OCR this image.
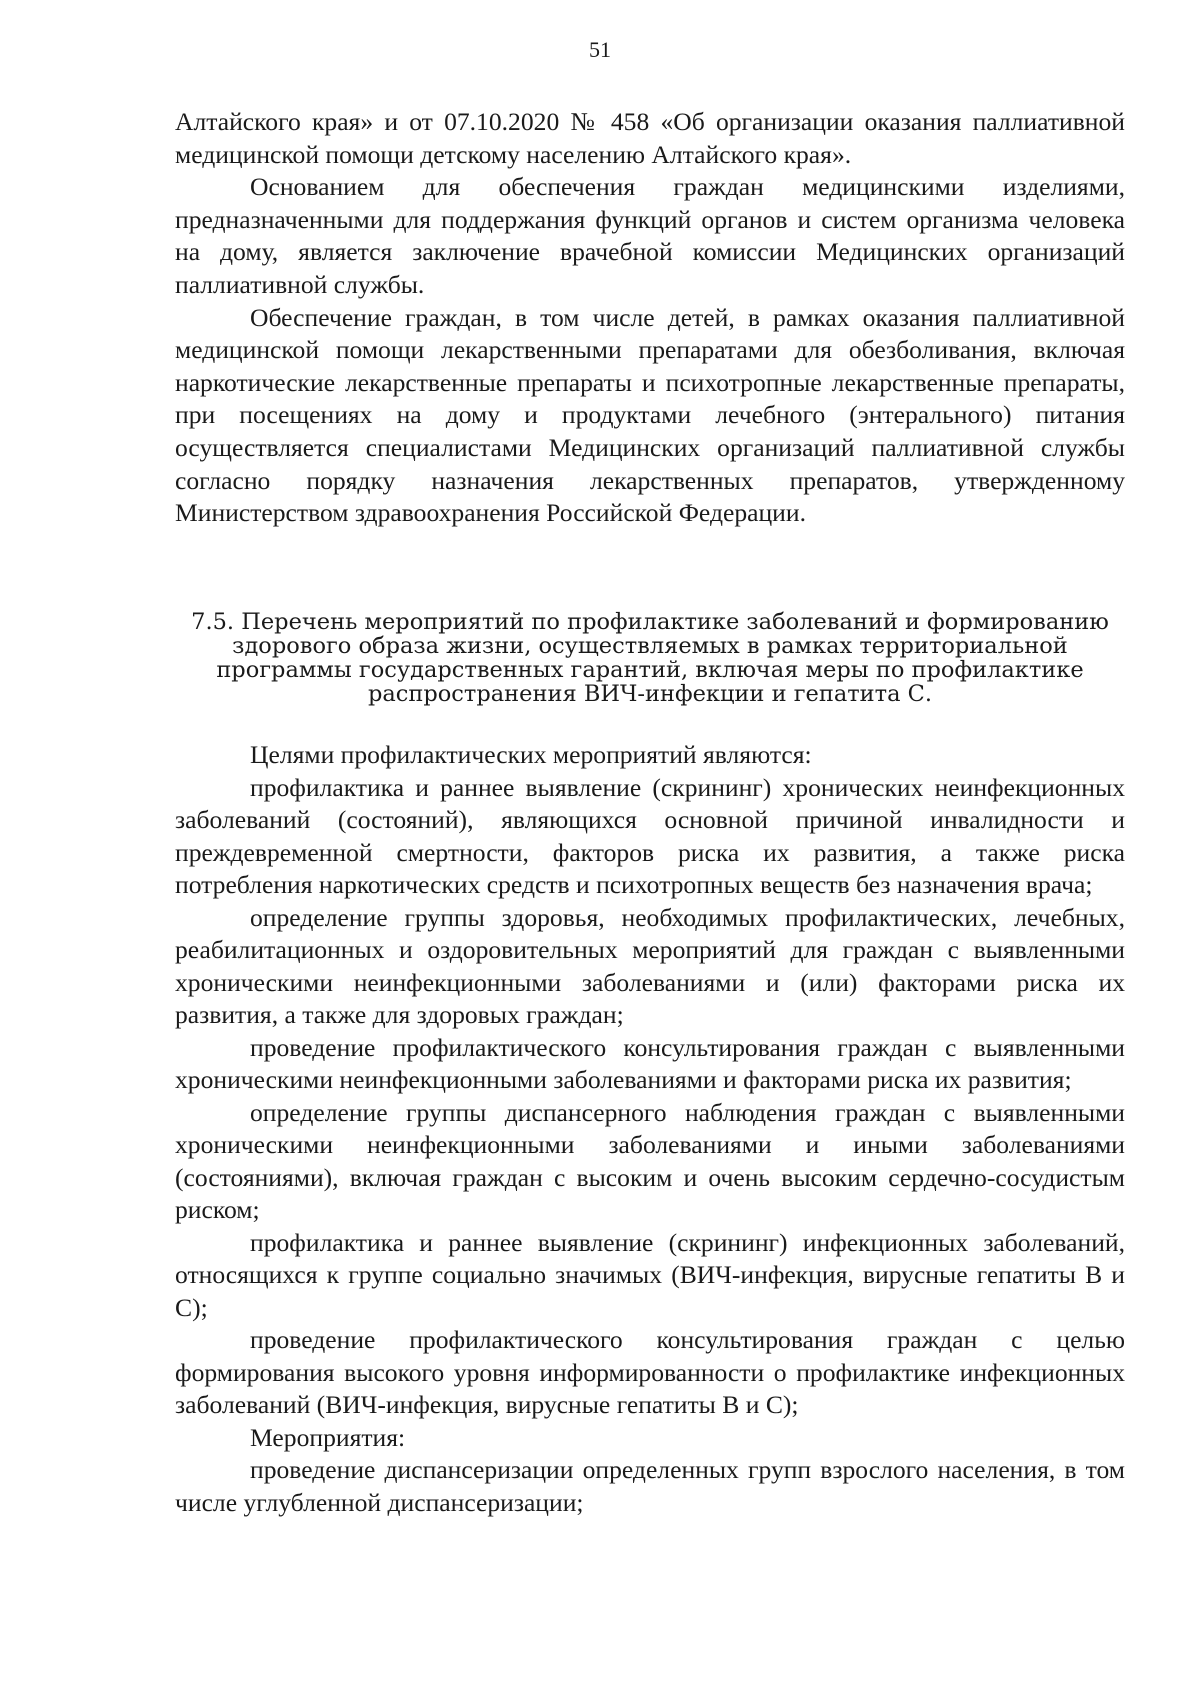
51

Алтайского края» и от 07.10.2020 № 458 «Об организации оказания паллиативной медицинской помощи детскому населению Алтайского края».

Основанием для обеспечения граждан медицинскими изделиями, предназначенными для поддержания функций органов и систем организма человека на дому, является заключение врачебной комиссии Медицинских организаций паллиативной службы.

Обеспечение граждан, в том числе детей, в рамках оказания паллиативной медицинской помощи лекарственными препаратами для обезболивания, включая наркотические лекарственные препараты и психотропные лекарственные препараты, при посещениях на дому и продуктами лечебного (энтерального) питания осуществляется специалистами Медицинских организаций паллиативной службы согласно порядку назначения лекарственных препаратов, утвержденному Министерством здравоохранения Российской Федерации.

7.5. Перечень мероприятий по профилактике заболеваний и формированию здорового образа жизни, осуществляемых в рамках территориальной программы государственных гарантий, включая меры по профилактике распространения ВИЧ-инфекции и гепатита С.

Целями профилактических мероприятий являются:

профилактика и раннее выявление (скрининг) хронических неинфекционных заболеваний (состояний), являющихся основной причиной инвалидности и преждевременной смертности, факторов риска их развития, а также риска потребления наркотических средств и психотропных веществ без назначения врача;

определение группы здоровья, необходимых профилактических, лечебных, реабилитационных и оздоровительных мероприятий для граждан с выявленными хроническими неинфекционными заболеваниями и (или) факторами риска их развития, а также для здоровых граждан;

проведение профилактического консультирования граждан с выявленными хроническими неинфекционными заболеваниями и факторами риска их развития;

определение группы диспансерного наблюдения граждан с выявленными хроническими неинфекционными заболеваниями и иными заболеваниями (состояниями), включая граждан с высоким и очень высоким сердечно-сосудистым риском;

профилактика и раннее выявление (скрининг) инфекционных заболеваний, относящихся к группе социально значимых (ВИЧ-инфекция, вирусные гепатиты В и С);

проведение профилактического консультирования граждан с целью формирования высокого уровня информированности о профилактике инфекционных заболеваний (ВИЧ-инфекция, вирусные гепатиты В и С);

Мероприятия:

проведение диспансеризации определенных групп взрослого населения, в том числе углубленной диспансеризации;
